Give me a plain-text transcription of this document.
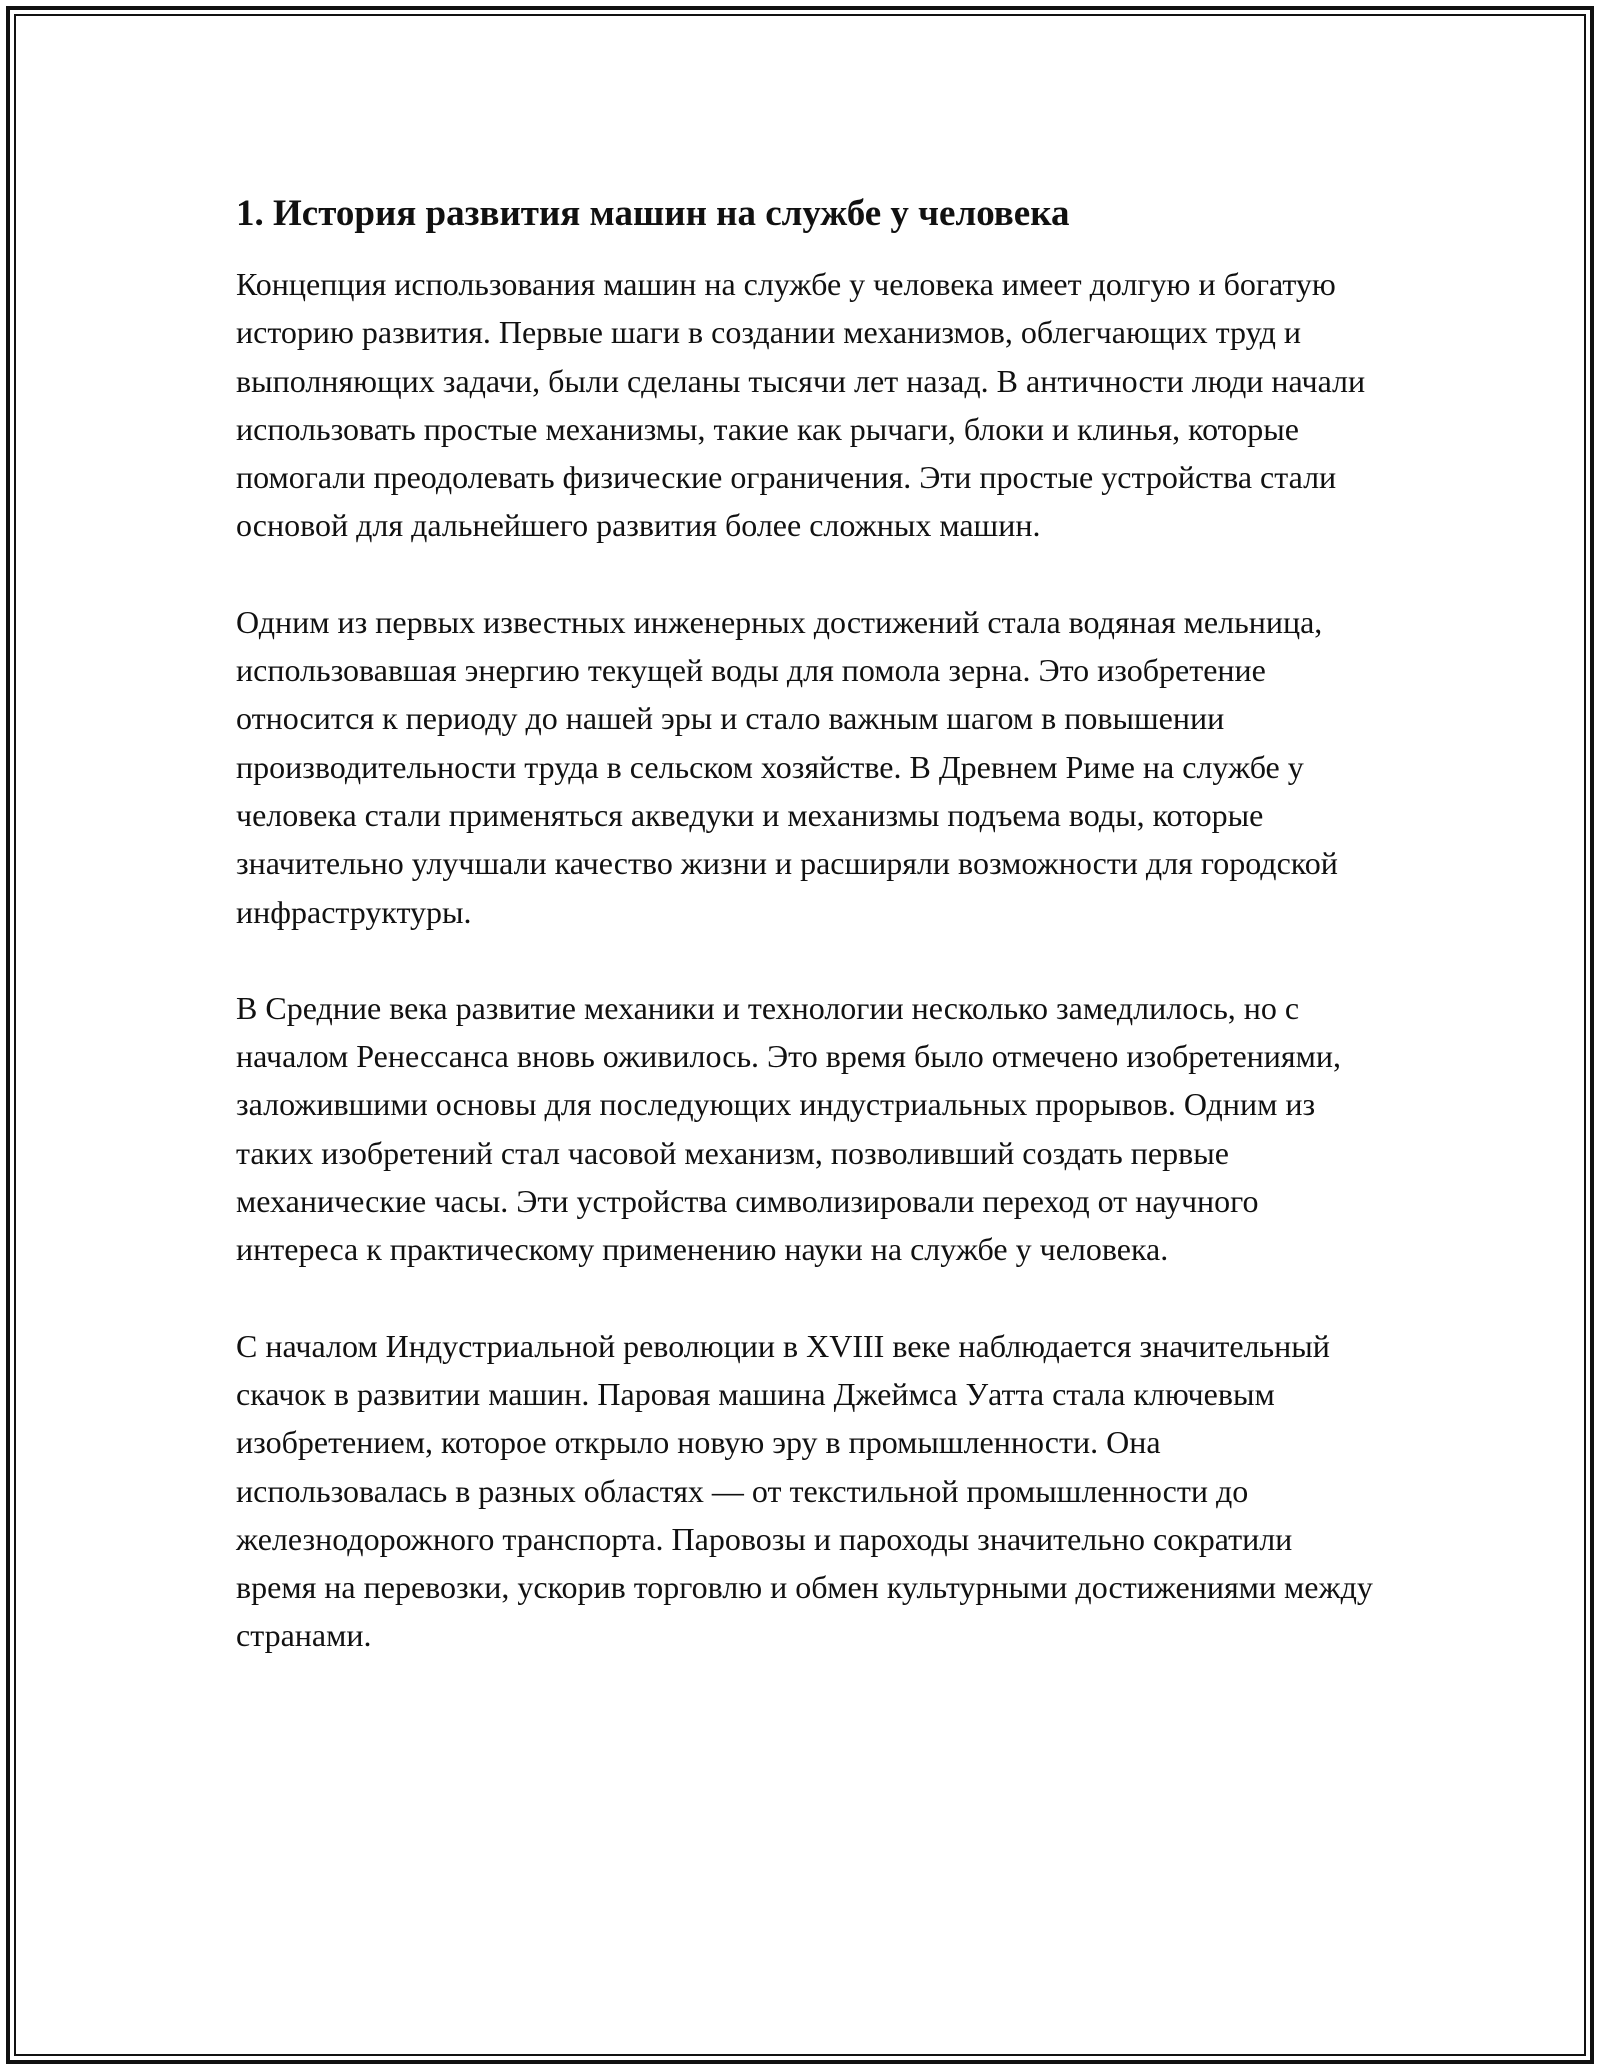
1. История развития машин на службе у человека

Концепция использования машин на службе у человека имеет долгую и богатую историю развития. Первые шаги в создании механизмов, облегчающих труд и выполняющих задачи, были сделаны тысячи лет назад. В античности люди начали использовать простые механизмы, такие как рычаги, блоки и клинья, которые помогали преодолевать физические ограничения. Эти простые устройства стали основой для дальнейшего развития более сложных машин.

Одним из первых известных инженерных достижений стала водяная мельница, использовавшая энергию текущей воды для помола зерна. Это изобретение относится к периоду до нашей эры и стало важным шагом в повышении производительности труда в сельском хозяйстве. В Древнем Риме на службе у человека стали применяться акведуки и механизмы подъема воды, которые значительно улучшали качество жизни и расширяли возможности для городской инфраструктуры.

В Средние века развитие механики и технологии несколько замедлилось, но с началом Ренессанса вновь оживилось. Это время было отмечено изобретениями, заложившими основы для последующих индустриальных прорывов. Одним из таких изобретений стал часовой механизм, позволивший создать первые механические часы. Эти устройства символизировали переход от научного интереса к практическому применению науки на службе у человека.

С началом Индустриальной революции в XVIII веке наблюдается значительный скачок в развитии машин. Паровая машина Джеймса Уатта стала ключевым изобретением, которое открыло новую эру в промышленности. Она использовалась в разных областях — от текстильной промышленности до железнодорожного транспорта. Паровозы и пароходы значительно сократили время на перевозки, ускорив торговлю и обмен культурными достижениями между странами.
